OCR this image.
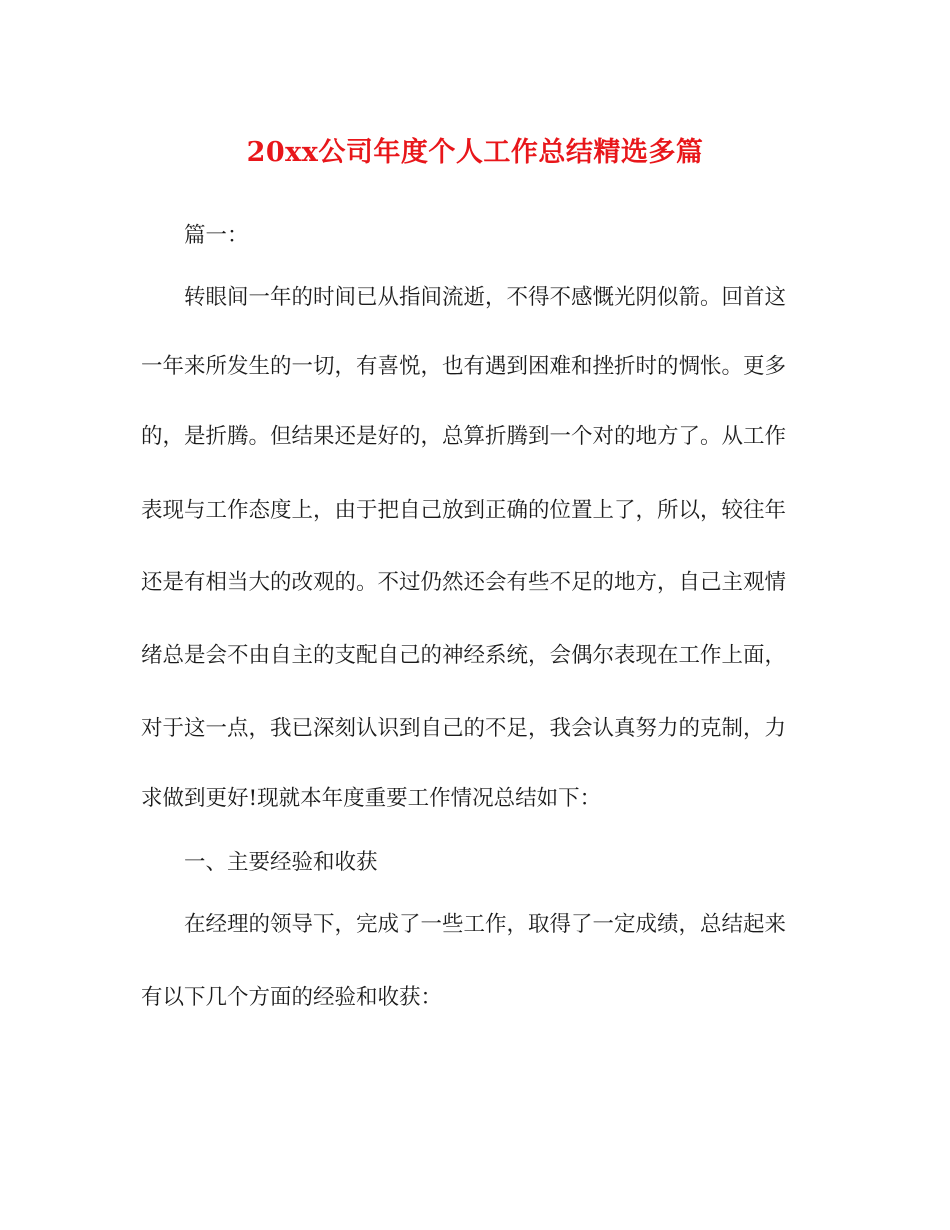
20xx公司年度个人工作总结精选多篇
篇一：
转眼间一年的时间已从指间流逝，不得不感慨光阴似箭。回首这
一年来所发生的一切，有喜悦，也有遇到困难和挫折时的惆怅。更多
的，是折腾。但结果还是好的，总算折腾到一个对的地方了。从工作
表现与工作态度上，由于把自己放到正确的位置上了，所以，较往年
还是有相当大的改观的。不过仍然还会有些不足的地方，自己主观情
绪总是会不由自主的支配自己的神经系统，会偶尔表现在工作上面，
对于这一点，我已深刻认识到自己的不足，我会认真努力的克制，力
求做到更好!现就本年度重要工作情况总结如下：
一、主要经验和收获
在经理的领导下，完成了一些工作，取得了一定成绩，总结起来
有以下几个方面的经验和收获：
